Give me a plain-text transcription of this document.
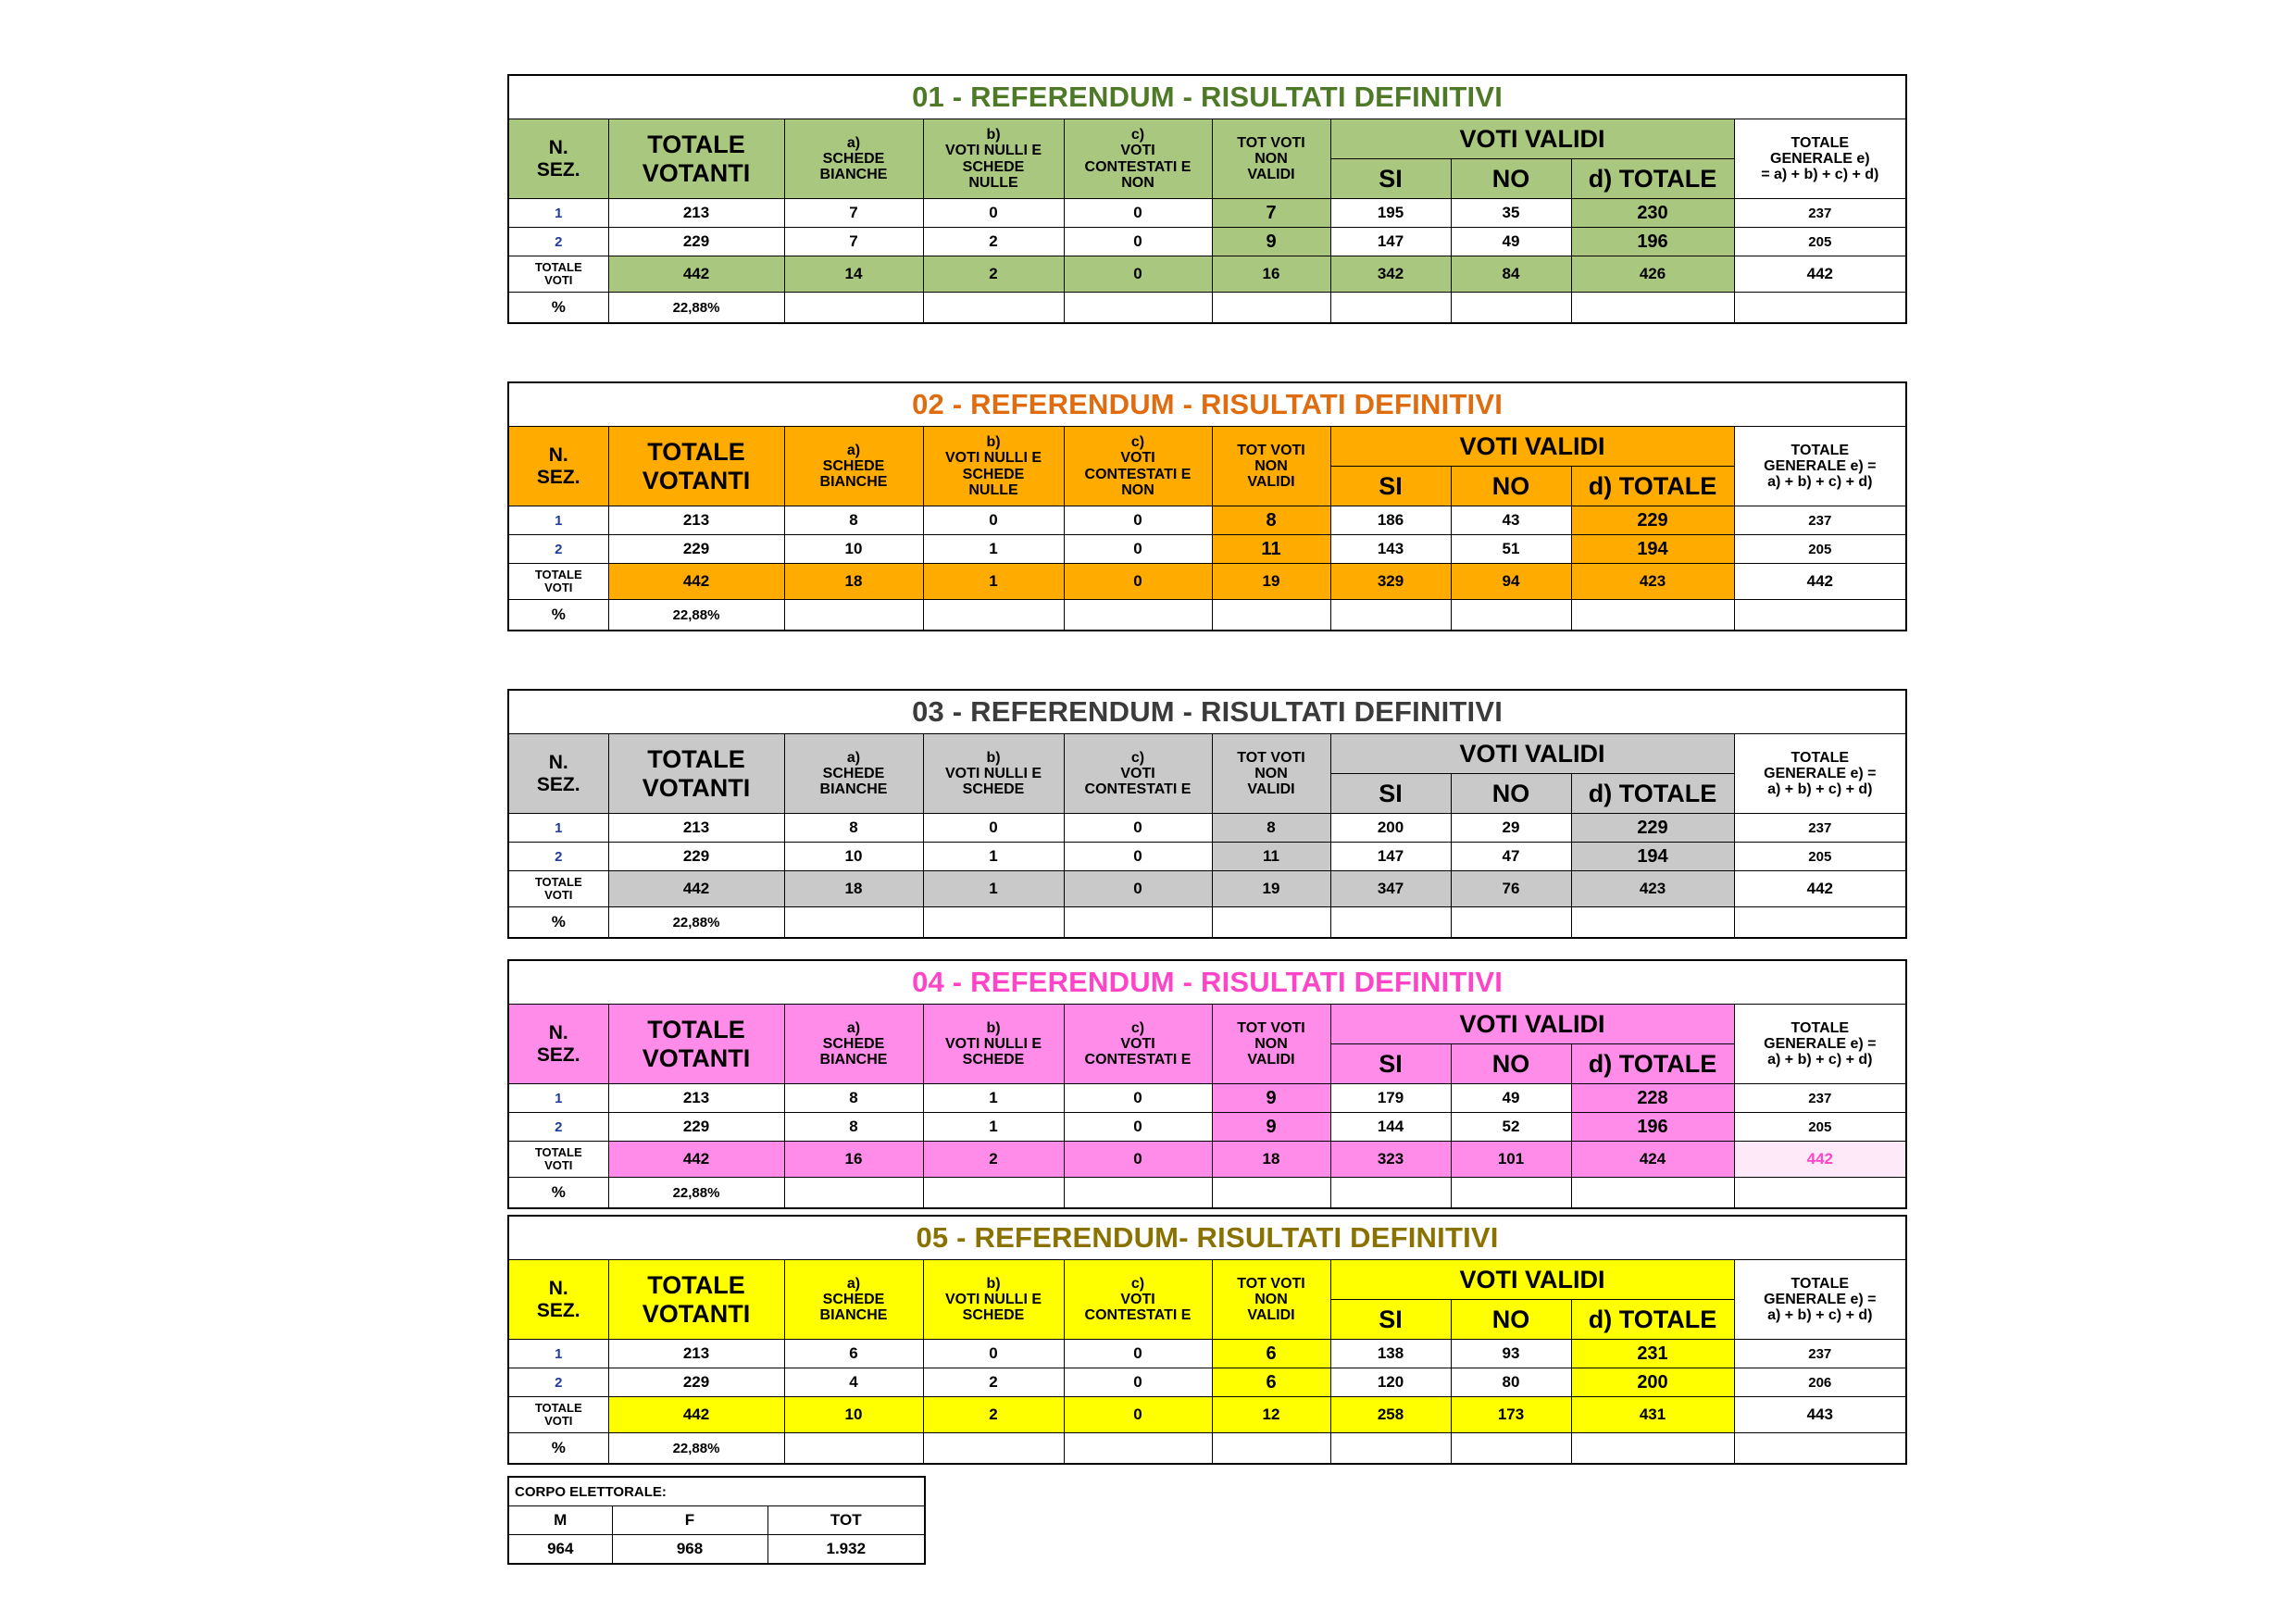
01 - REFERENDUM - RISULTATI DEFINITIVI									

N.
SEZ.

TOTALE
VOTANTI

a)
SCHEDE
BIANCHE

b)
VOTI NULLI E
SCHEDE
NULLE

c)
VOTI
CONTESTATI E
NON

TOT VOTI
NON
VALIDI
	VOTI VALIDI	TOTALE
GENERALE e)
= a) + b) + c) + d)

						SI	NO	d) TOTALE	
1	213	7	0	0	7	195	35	230	237
2	229	7	2	0	9	147	49	196	205

TOTALE
VOTI	442	14	2	0	16	342	84	426	442
%	22,88%								
02 - REFERENDUM - RISULTATI DEFINITIVI									

N.
SEZ.

TOTALE
VOTANTI

a)
SCHEDE
BIANCHE

b)
VOTI NULLI E
SCHEDE
NULLE

c)
VOTI
CONTESTATI E
NON

TOT VOTI
NON
VALIDI
	VOTI VALIDI	TOTALE
GENERALE e) =
a) + b) + c) + d)

						SI	NO	d) TOTALE	
1	213	8	0	0	8	186	43	229	237
2	229	10	1	0	11	143	51	194	205

TOTALE
VOTI	442	18	1	0	19	329	94	423	442
%	22,88%								
03 - REFERENDUM - RISULTATI DEFINITIVI									

N.
SEZ.

TOTALE
VOTANTI

a)
SCHEDE
BIANCHE

b)
VOTI NULLI E
SCHEDE

c)
VOTI
CONTESTATI E

TOT VOTI
NON
VALIDI
	VOTI VALIDI	TOTALE
GENERALE e) =
a) + b) + c) + d)

						SI	NO	d) TOTALE	
1	213	8	0	0	8	200	29	229	237
2	229	10	1	0	11	147	47	194	205

TOTALE
VOTI	442	18	1	0	19	347	76	423	442
%	22,88%								
04 - REFERENDUM - RISULTATI DEFINITIVI									

N.
SEZ.

TOTALE
VOTANTI

a)
SCHEDE
BIANCHE

b)
VOTI NULLI E
SCHEDE

c)
VOTI
CONTESTATI E

TOT VOTI
NON
VALIDI
	VOTI VALIDI	TOTALE
GENERALE e) =
a) + b) + c) + d)

						SI	NO	d) TOTALE	
1	213	8	1	0	9	179	49	228	237
2	229	8	1	0	9	144	52	196	205

TOTALE
VOTI	442	16	2	0	18	323	101	424	442
%	22,88%								
05 - REFERENDUM- RISULTATI DEFINITIVI									

N.
SEZ.

TOTALE
VOTANTI

a)
SCHEDE
BIANCHE

b)
VOTI NULLI E
SCHEDE

c)
VOTI
CONTESTATI E

TOT VOTI
NON
VALIDI
	VOTI VALIDI	TOTALE
GENERALE e) =
a) + b) + c) + d)

						SI	NO	d) TOTALE	
1	213	6	0	0	6	138	93	231	237
2	229	4	2	0	6	120	80	200	206

TOTALE
VOTI	442	10	2	0	12	258	173	431	443
%	22,88%								
CORPO ELETTORALE:		
M	F	TOT
964	968	1.932
